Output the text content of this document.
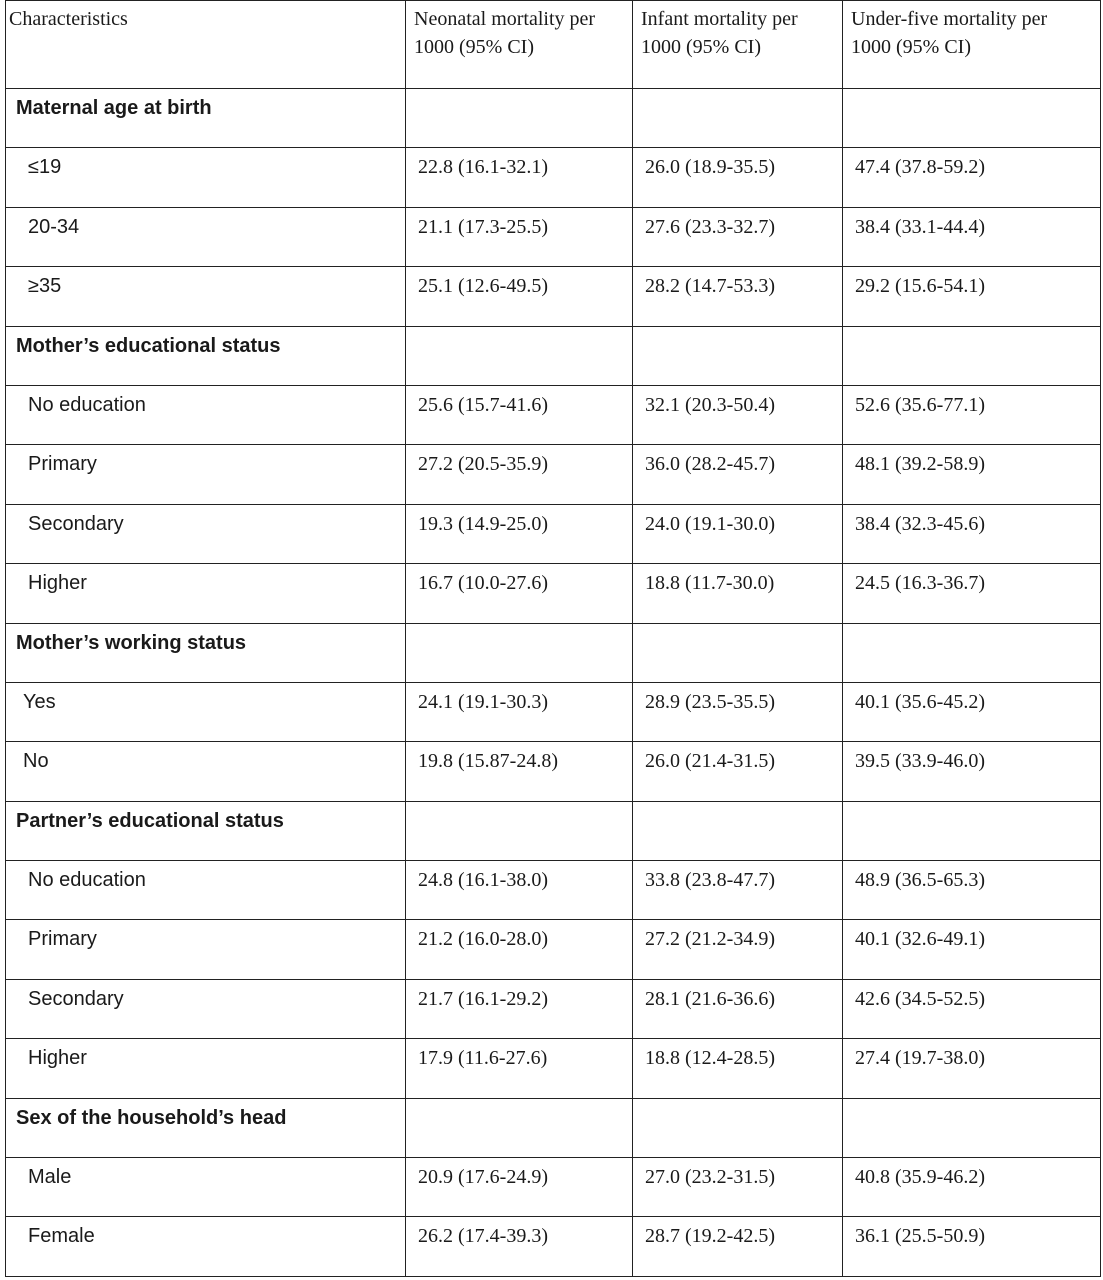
Characteristics	Neonatal mortality per 1000 (95% CI)	Infant mortality per 1000 (95% CI)	Under-five mortality per 1000 (95% CI)

Maternal age at birth			

≤19	22.8 (16.1-32.1)	26.0 (18.9-35.5)	47.4 (37.8-59.2)

20-34	21.1 (17.3-25.5)	27.6 (23.3-32.7)	38.4 (33.1-44.4)

≥35	25.1 (12.6-49.5)	28.2 (14.7-53.3)	29.2 (15.6-54.1)

Mother’s educational status			

No education	25.6 (15.7-41.6)	32.1 (20.3-50.4)	52.6 (35.6-77.1)

Primary	27.2 (20.5-35.9)	36.0 (28.2-45.7)	48.1 (39.2-58.9)

Secondary	19.3 (14.9-25.0)	24.0 (19.1-30.0)	38.4 (32.3-45.6)

Higher	16.7 (10.0-27.6)	18.8 (11.7-30.0)	24.5 (16.3-36.7)

Mother’s working status			

Yes	24.1 (19.1-30.3)	28.9 (23.5-35.5)	40.1 (35.6-45.2)

No	19.8 (15.87-24.8)	26.0 (21.4-31.5)	39.5 (33.9-46.0)

Partner’s educational status			

No education	24.8 (16.1-38.0)	33.8 (23.8-47.7)	48.9 (36.5-65.3)

Primary	21.2 (16.0-28.0)	27.2 (21.2-34.9)	40.1 (32.6-49.1)

Secondary	21.7 (16.1-29.2)	28.1 (21.6-36.6)	42.6 (34.5-52.5)

Higher	17.9 (11.6-27.6)	18.8 (12.4-28.5)	27.4 (19.7-38.0)

Sex of the household’s head			

Male	20.9 (17.6-24.9)	27.0 (23.2-31.5)	40.8 (35.9-46.2)

Female	26.2 (17.4-39.3)	28.7 (19.2-42.5)	36.1 (25.5-50.9)
